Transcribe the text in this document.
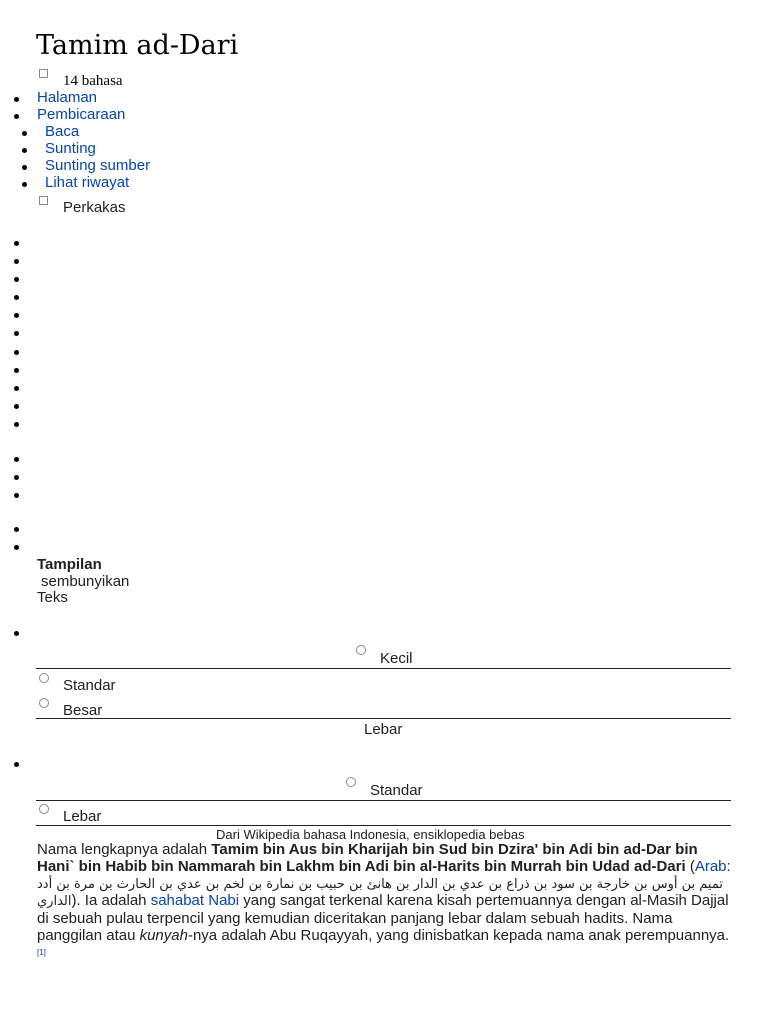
Tamim ad-Dari
14 bahasa
Halaman
Pembicaraan
Baca
Sunting
Sunting sumber
Lihat riwayat
Perkakas
Tampilan
sembunyikan
Teks
Kecil
Standar
Besar
Lebar
Standar
Lebar
Dari Wikipedia bahasa Indonesia, ensiklopedia bebas
Nama lengkapnya adalah Tamim bin Aus bin Kharijah bin Sud bin Dzira' bin Adi bin ad-Dar bin Hani` bin Habib bin Nammarah bin Lakhm bin Adi bin al-Harits bin Murrah bin Udad ad-Dari (Arab: تميم بن أوس بن خارجة بن سود بن ذراع بن عدي بن الدار بن هانئ بن حبيب بن نمارة بن لخم بن عدي بن الحارث بن مرة بن أدد الداري). Ia adalah sahabat Nabi yang sangat terkenal karena kisah pertemuannya dengan al-Masih Dajjal di sebuah pulau terpencil yang kemudian diceritakan panjang lebar dalam sebuah hadits. Nama panggilan atau kunyah-nya adalah Abu Ruqayyah, yang dinisbatkan kepada nama anak perempuannya.[1]
